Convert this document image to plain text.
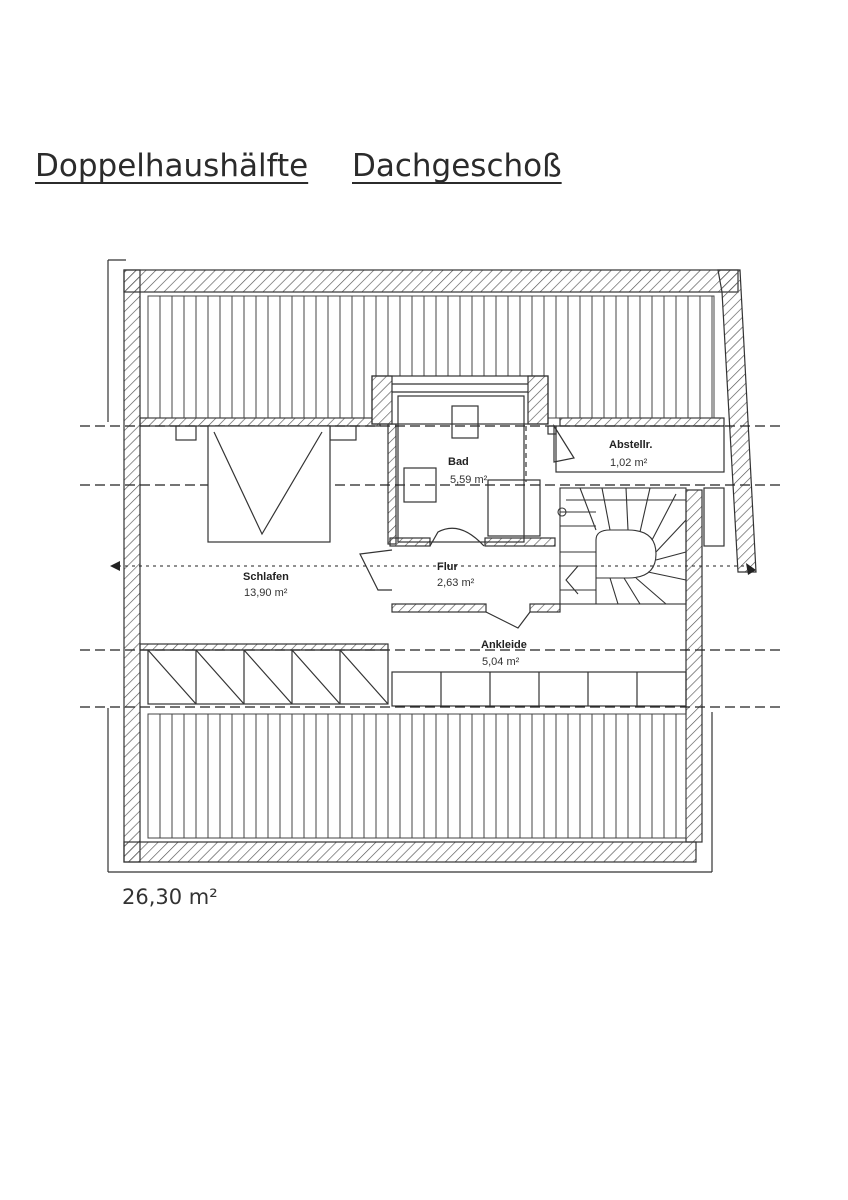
Doppelhaushälfte Dachgeschoß
Bad
5,59 m²
Abstellr.
1,02 m²
Schlafen
13,90 m²
Flur
2,63 m²
Ankleide
5,04 m²
26,30 m²
